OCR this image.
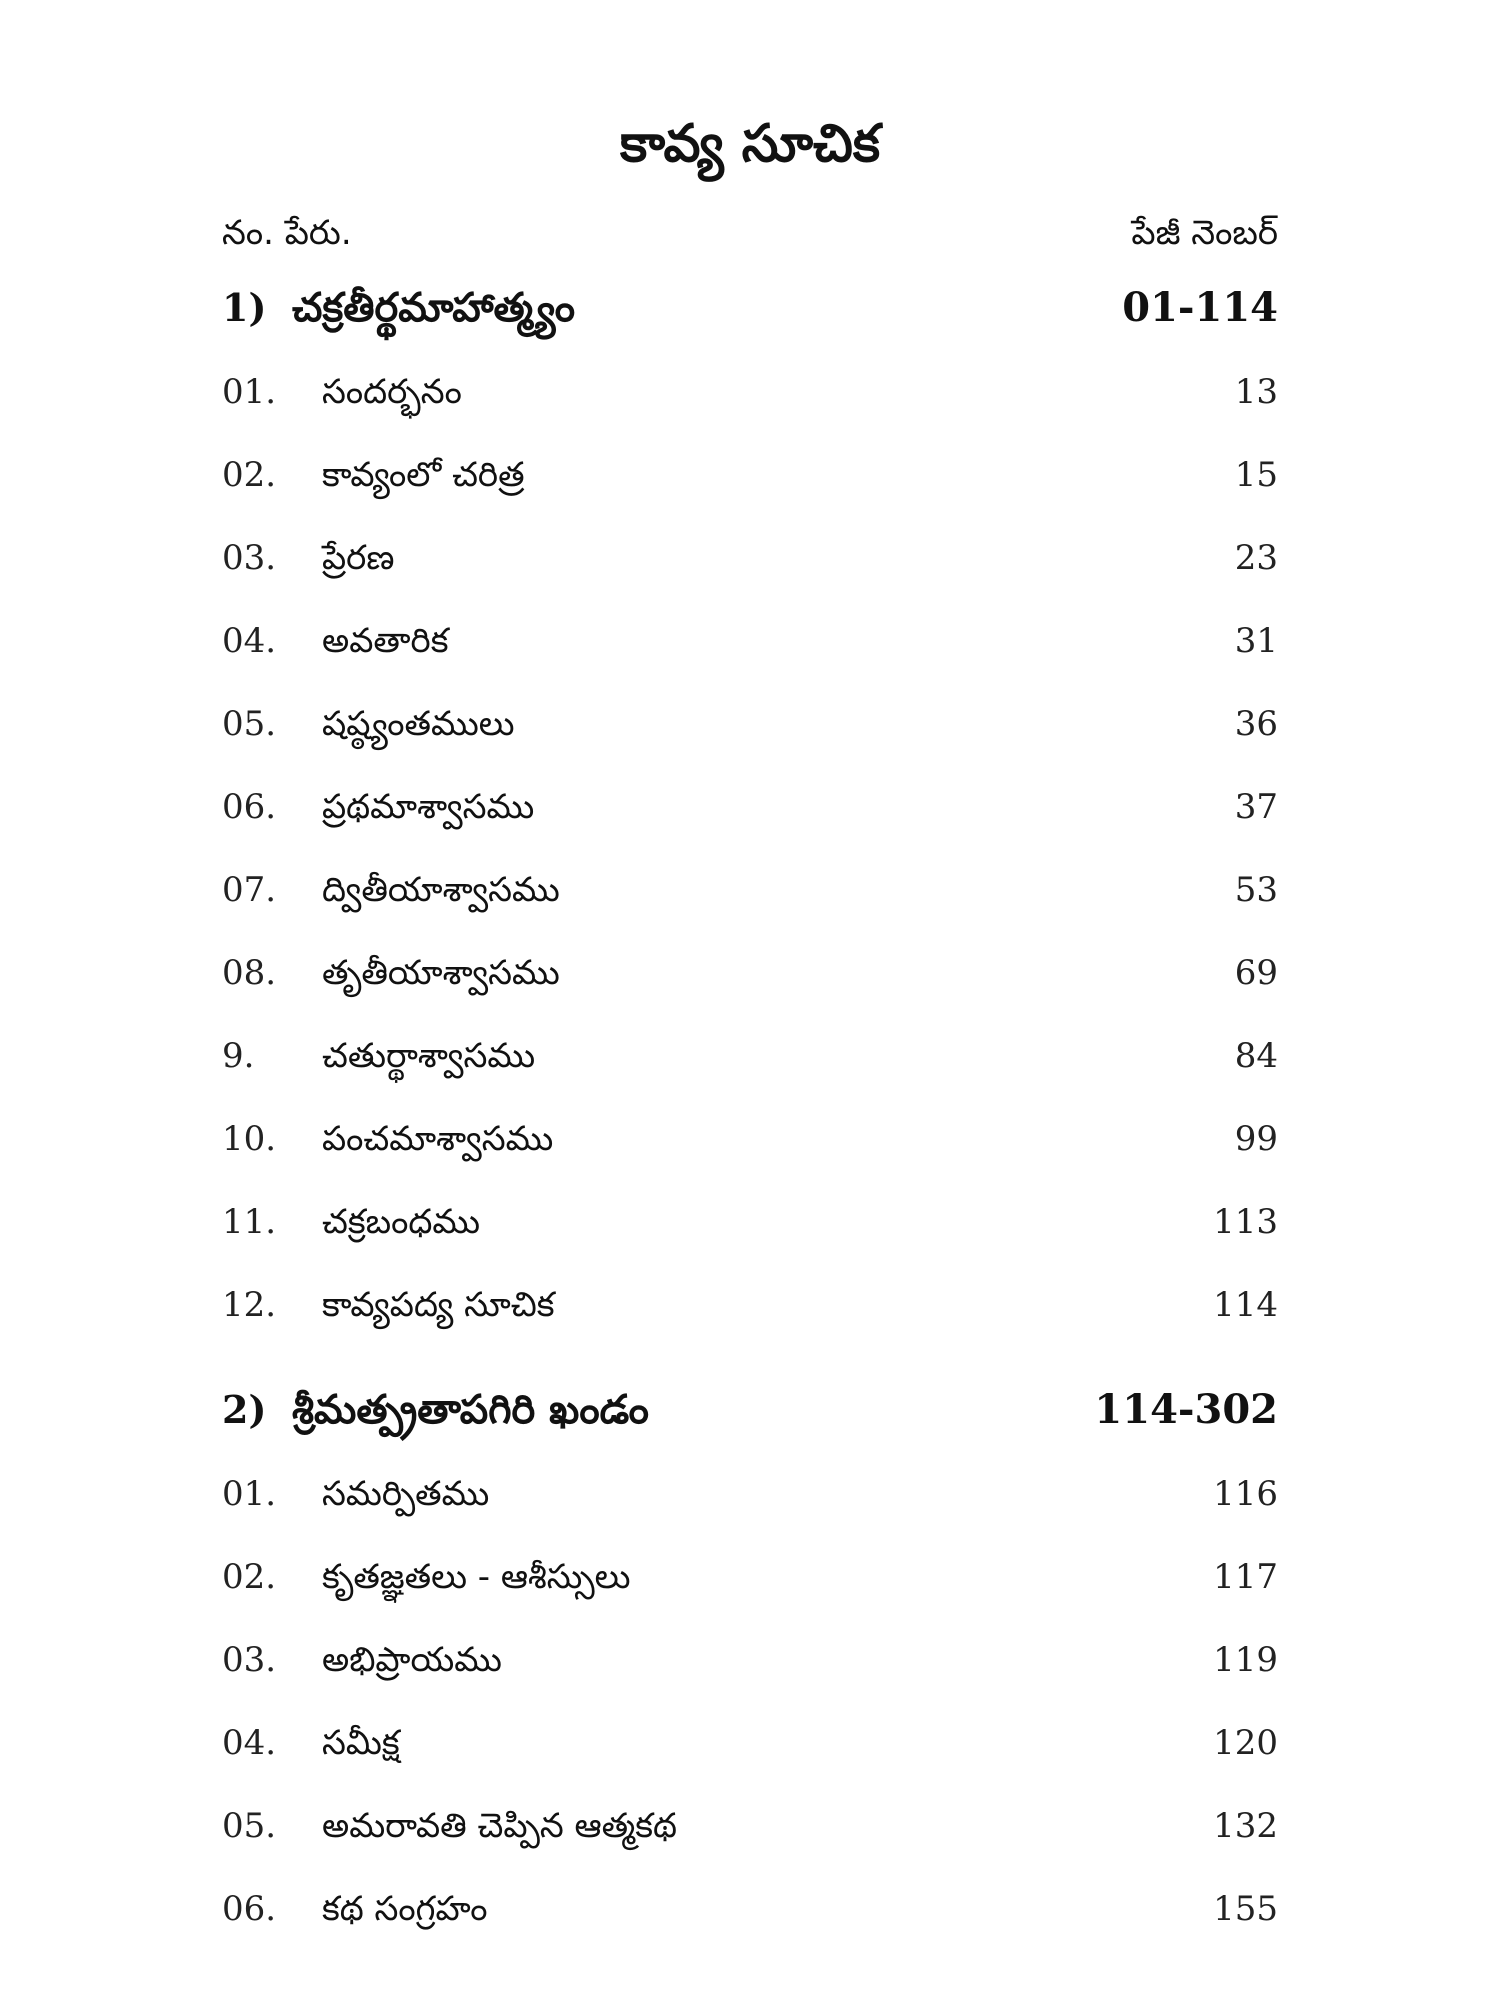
కావ్య సూచిక
నం. పేరు.	పేజీ నెంబర్
1) చక్రతీర్థమాహాత్మ్యం	01-114
01. సందర్భనం	13
02. కావ్యంలో చరిత్ర	15
03. ప్రేరణ	23
04. అవతారిక	31
05. షష్ఠ్యంతములు	36
06. ప్రథమాశ్వాసము	37
07. ద్వితీయాశ్వాసము	53
08. తృతీయాశ్వాసము	69
9. చతుర్థాశ్వాసము	84
10. పంచమాశ్వాసము	99
11. చక్రబంధము	113
12. కావ్యపద్య సూచిక	114
2) శ్రీమత్ప్రతాపగిరి ఖండం	114-302
01. సమర్పితము	116
02. కృతజ్ఞతలు - ఆశీస్సులు	117
03. అభిప్రాయము	119
04. సమీక్ష	120
05. అమరావతి చెప్పిన ఆత్మకథ	132
06. కథ సంగ్రహం	155
